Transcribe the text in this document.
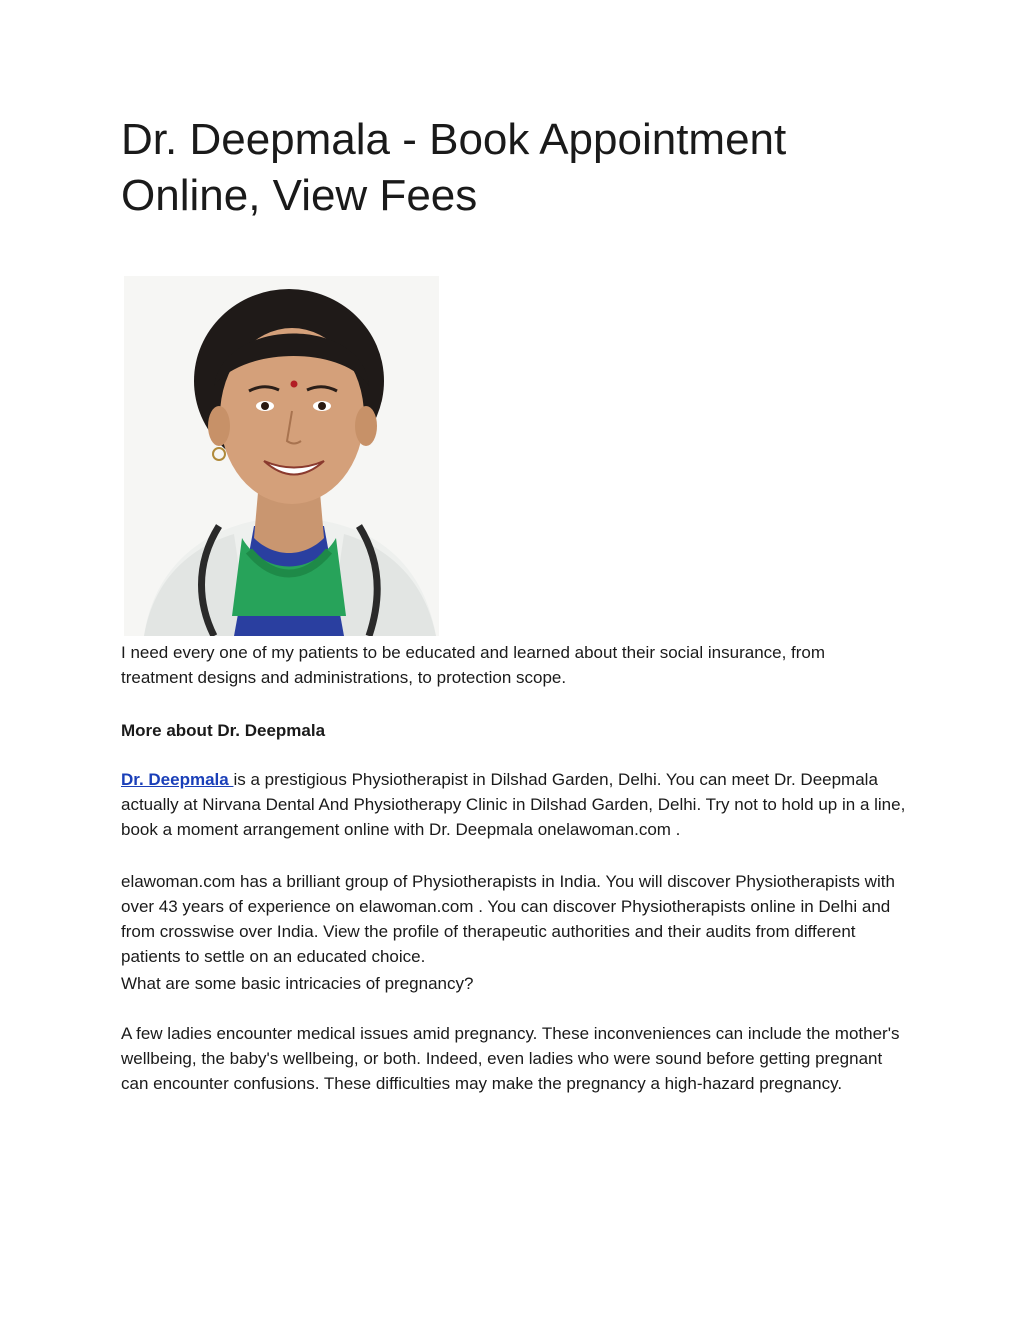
Dr. Deepmala - Book Appointment
Online, View Fees

I need every one of my patients to be educated and learned about their social insurance, from treatment designs and administrations, to protection scope.

More about Dr. Deepmala

Dr. Deepmala is a prestigious Physiotherapist in Dilshad Garden, Delhi. You can meet Dr. Deepmala actually at Nirvana Dental And Physiotherapy Clinic in Dilshad Garden, Delhi. Try not to hold up in a line, book a moment arrangement online with Dr. Deepmala onelawoman.com .

elawoman.com has a brilliant group of Physiotherapists in India. You will discover Physiotherapists with over 43 years of experience on elawoman.com . You can discover Physiotherapists online in Delhi and from crosswise over India. View the profile of therapeutic authorities and their audits from different patients to settle on an educated choice.

What are some basic intricacies of pregnancy?

A few ladies encounter medical issues amid pregnancy. These inconveniences can include the mother's wellbeing, the baby's wellbeing, or both. Indeed, even ladies who were sound before getting pregnant can encounter confusions. These difficulties may make the pregnancy a high-hazard pregnancy.
